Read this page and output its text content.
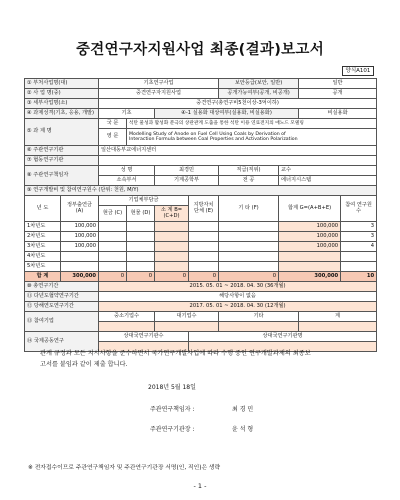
중견연구자지원사업 최종(결과)보고서
양식A101
① 부처사업명(대)		기초연구사업				보안등급(보안, 일반)		일반	
② 사 업 명(중)		중견연구자지원사업				공개가능여부(공개, 비공개)		공개	
③ 세부사업명(소)		중견연구(총연구비5천이상-3억이하)							
④ 과제성격(기초, 응용, 개발)		기초		④-1 실용화 대상여부(실용화, 비실용화)				비실용화	
⑤ 과 제 명		국 문	석탄 물성과 활성화 분극의 상관관계 도출을 통한 석탄 이용 연료전지의 애노드 모델링						
		영 문	Modelling Study of Anode on Fuel Cell Using Coals by Derivation of
Interaction Formula between Coal Properties and Activation Polarization						

⑥ 주관연구기관		일산대동부교에너지센터							
⑦ 협동연구기관									
⑧ 주관연구책임자		성 명		최경민		직급(직위)	교수		
		소속부서		기계공학부		전 공	에너지시스템		
⑨ 연구개발비 및 참여연구원수 (단위: 천원, M/Y)									
년 도	정부출연금 (A)	기업체부담금			지방자치단체 (E)	기 타 (F)	합계 G=(A+B+E)		참여 연구원수
		현금 (C)	현물 (D)	소 계 B=(C+D)					
1차년도	100,000						100,000		3
2차년도	100,000						100,000		3
3차년도	100,000						100,000		4
4차년도									
5차년도									
합 계	300,000	0	0	0	0	0	300,000		10
⑩ 총연구기간		2015. 05. 01 ~ 2018. 04. 30 (36개월)							
⑪ 다년도협약연구기간		해당사항이 없음							
⑫ 당해연도연구기간		2017. 05. 01 ~ 2018. 04. 30 (12개월)							
⑬ 참여기업		중소기업수		대기업수		기타		계	

⑭ 국제공동연구		상대국연구기관수			상대국연구기관명				

관계 규정과 모든 지시사항을 준수하면서 국가연구개발사업에 따라 수행 중인 연구개발과제의 최종보
고서를 붙임과 같이 제출 합니다.
2018년 5월 18일
주관연구책임자 :	최 경 민
주관연구기관장 :	윤 석 형
※ 전자접수이므로 주관연구책임자 및 주관연구기관장 서명(인, 직인)은 생략
- 1 -
